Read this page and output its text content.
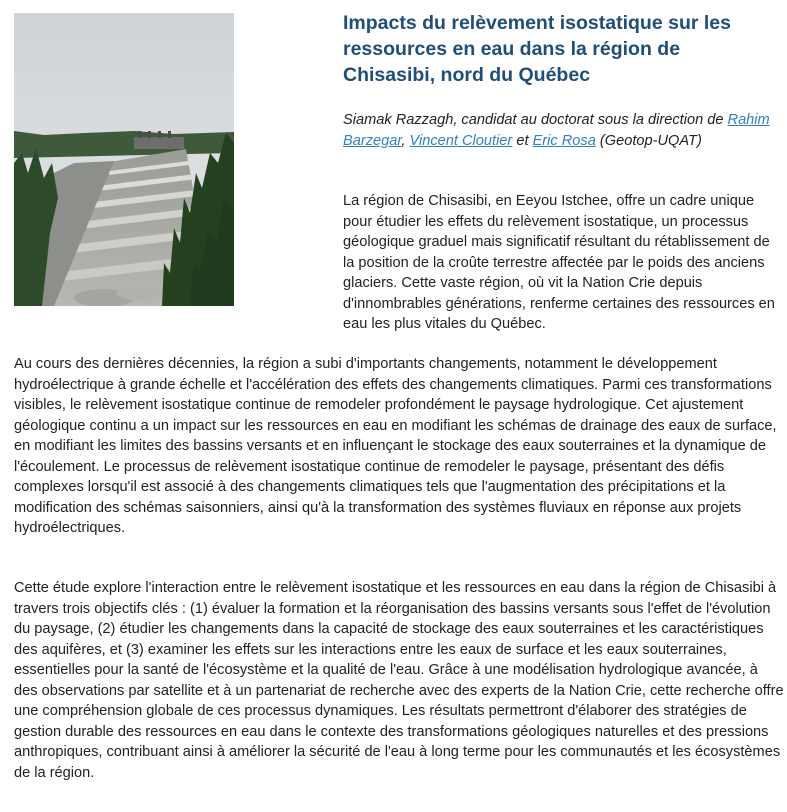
Impacts du relèvement isostatique sur les ressources en eau dans la région de Chisasibi, nord du Québec

Siamak Razzagh, candidat au doctorat sous la direction de Rahim Barzegar, Vincent Cloutier et Eric Rosa (Geotop-UQAT)

La région de Chisasibi, en Eeyou Istchee, offre un cadre unique pour étudier les effets du relèvement isostatique, un processus géologique graduel mais significatif résultant du rétablissement de la position de la croûte terrestre affectée par le poids des anciens glaciers. Cette vaste région, où vit la Nation Crie depuis d'innombrables générations, renferme certaines des ressources en eau les plus vitales du Québec.

Au cours des dernières décennies, la région a subi d'importants changements, notamment le développement hydroélectrique à grande échelle et l'accélération des effets des changements climatiques. Parmi ces transformations visibles, le relèvement isostatique continue de remodeler profondément le paysage hydrologique. Cet ajustement géologique continu a un impact sur les ressources en eau en modifiant les schémas de drainage des eaux de surface, en modifiant les limites des bassins versants et en influençant le stockage des eaux souterraines et la dynamique de l'écoulement. Le processus de relèvement isostatique continue de remodeler le paysage, présentant des défis complexes lorsqu'il est associé à des changements climatiques tels que l'augmentation des précipitations et la modification des schémas saisonniers, ainsi qu'à la transformation des systèmes fluviaux en réponse aux projets hydroélectriques.

Cette étude explore l'interaction entre le relèvement isostatique et les ressources en eau dans la région de Chisasibi à travers trois objectifs clés : (1) évaluer la formation et la réorganisation des bassins versants sous l'effet de l'évolution du paysage, (2) étudier les changements dans la capacité de stockage des eaux souterraines et les caractéristiques des aquifères, et (3) examiner les effets sur les interactions entre les eaux de surface et les eaux souterraines, essentielles pour la santé de l'écosystème et la qualité de l'eau. Grâce à une modélisation hydrologique avancée, à des observations par satellite et à un partenariat de recherche avec des experts de la Nation Crie, cette recherche offre une compréhension globale de ces processus dynamiques. Les résultats permettront d'élaborer des stratégies de gestion durable des ressources en eau dans le contexte des transformations géologiques naturelles et des pressions anthropiques, contribuant ainsi à améliorer la sécurité de l'eau à long terme pour les communautés et les écosystèmes de la région.
